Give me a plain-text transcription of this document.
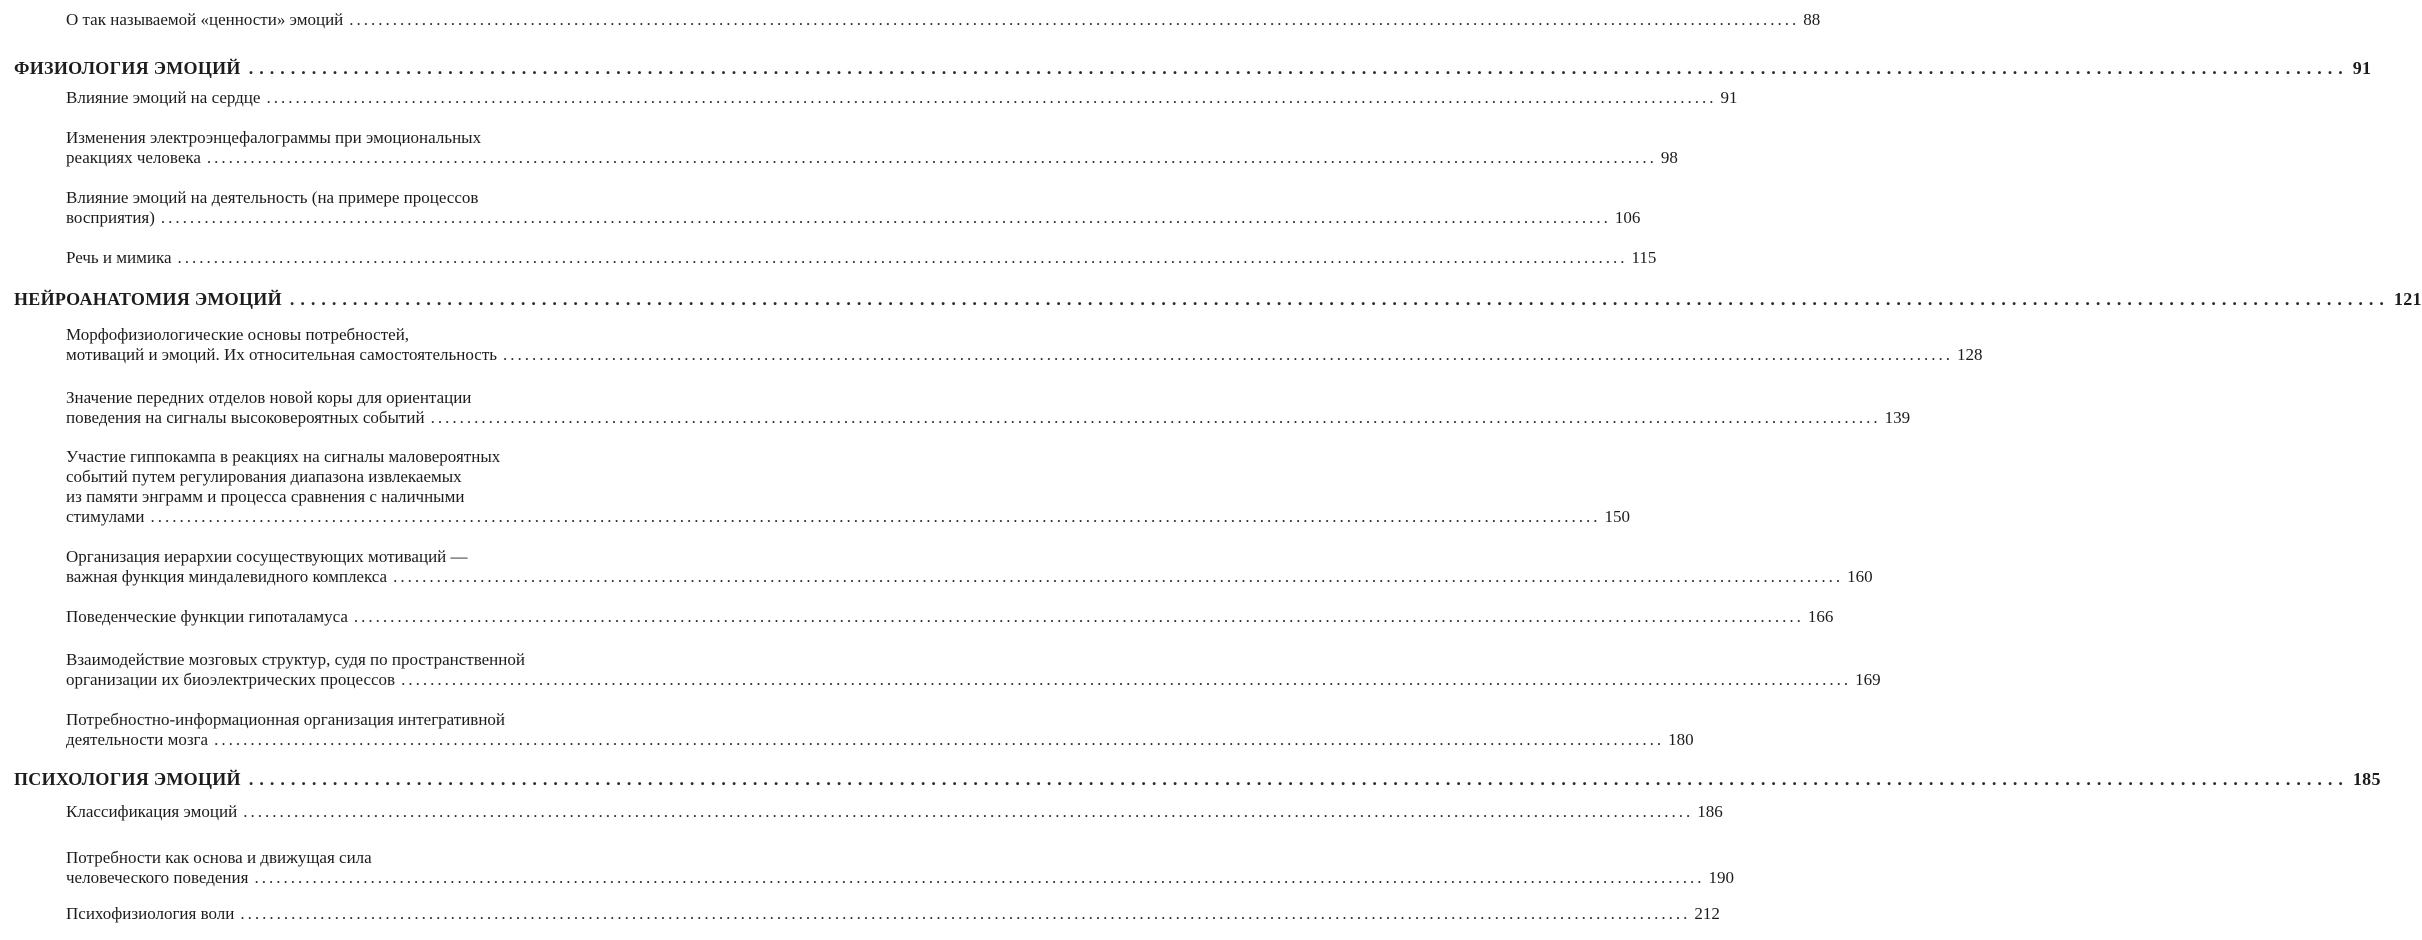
О так называемой «ценности» эмоций ........................................................................................................................................................................................................ 88
ФИЗИОЛОГИЯ ЭМОЦИЙ ........................................................................................................................................................................................................ 91
Влияние эмоций на сердце ........................................................................................................................................................................................................ 91
Изменения электроэнцефалограммы при эмоциональных
реакциях человека ........................................................................................................................................................................................................ 98
Влияние эмоций на деятельность (на примере процессов
восприятия) ........................................................................................................................................................................................................ 106
Речь и мимика ........................................................................................................................................................................................................ 115
НЕЙРОАНАТОМИЯ ЭМОЦИЙ ........................................................................................................................................................................................................ 121
Морфофизиологические основы потребностей,
мотиваций и эмоций. Их относительная самостоятельность ........................................................................................................................................................................................................ 128
Значение передних отделов новой коры для ориентации
поведения на сигналы высоковероятных событий ........................................................................................................................................................................................................ 139
Участие гиппокампа в реакциях на сигналы маловероятных
событий путем регулирования диапазона извлекаемых
из памяти энграмм и процесса сравнения с наличными
стимулами ........................................................................................................................................................................................................ 150
Организация иерархии сосуществующих мотиваций —
важная функция миндалевидного комплекса ........................................................................................................................................................................................................ 160
Поведенческие функции гипоталамуса ........................................................................................................................................................................................................ 166
Взаимодействие мозговых структур, судя по пространственной
организации их биоэлектрических процессов ........................................................................................................................................................................................................ 169
Потребностно-информационная организация интегративной
деятельности мозга ........................................................................................................................................................................................................ 180
ПСИХОЛОГИЯ ЭМОЦИЙ ........................................................................................................................................................................................................ 185
Классификация эмоций ........................................................................................................................................................................................................ 186
Потребности как основа и движущая сила
человеческого поведения ........................................................................................................................................................................................................ 190
Психофизиология воли ........................................................................................................................................................................................................ 212
